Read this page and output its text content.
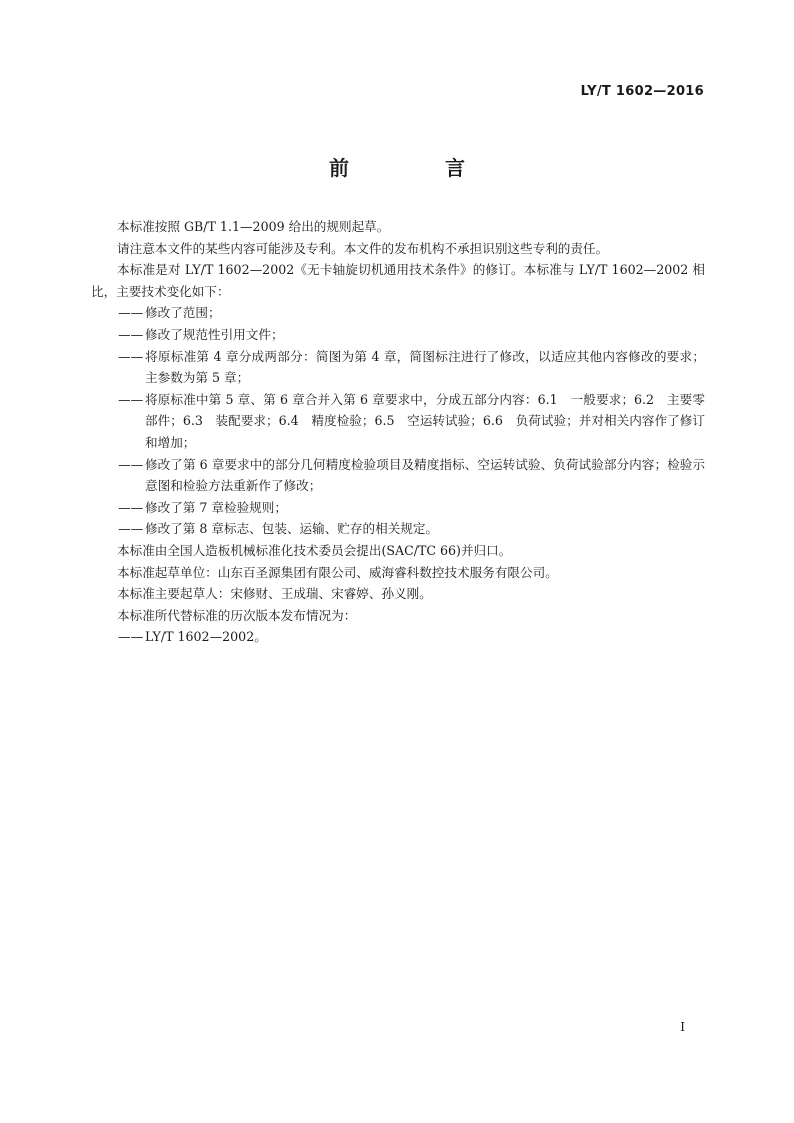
LY/T 1602—2016
前　言

本标准按照 GB/T 1.1—2009 给出的规则起草。

请注意本文件的某些内容可能涉及专利。本文件的发布机构不承担识别这些专利的责任。

本标准是对 LY/T 1602—2002《无卡轴旋切机通用技术条件》的修订。本标准与 LY/T 1602—2002 相比，主要技术变化如下：

—— 修改了范围；

—— 修改了规范性引用文件；

—— 将原标准第 4 章分成两部分：简图为第 4 章，简图标注进行了修改，以适应其他内容修改的要求；主参数为第 5 章；

—— 将原标准中第 5 章、第 6 章合并入第 6 章要求中，分成五部分内容：6.1　一般要求；6.2　主要零部件；6.3　装配要求；6.4　精度检验；6.5　空运转试验；6.6　负荷试验；并对相关内容作了修订和增加；

—— 修改了第 6 章要求中的部分几何精度检验项目及精度指标、空运转试验、负荷试验部分内容；检验示意图和检验方法重新作了修改；

—— 修改了第 7 章检验规则；

—— 修改了第 8 章标志、包装、运输、贮存的相关规定。

本标准由全国人造板机械标准化技术委员会提出(SAC/TC 66)并归口。

本标准起草单位：山东百圣源集团有限公司、威海睿科数控技术服务有限公司。

本标准主要起草人：宋修财、王成瑞、宋睿婷、孙义刚。

本标准所代替标准的历次版本发布情况为：

—— LY/T 1602—2002。

I
